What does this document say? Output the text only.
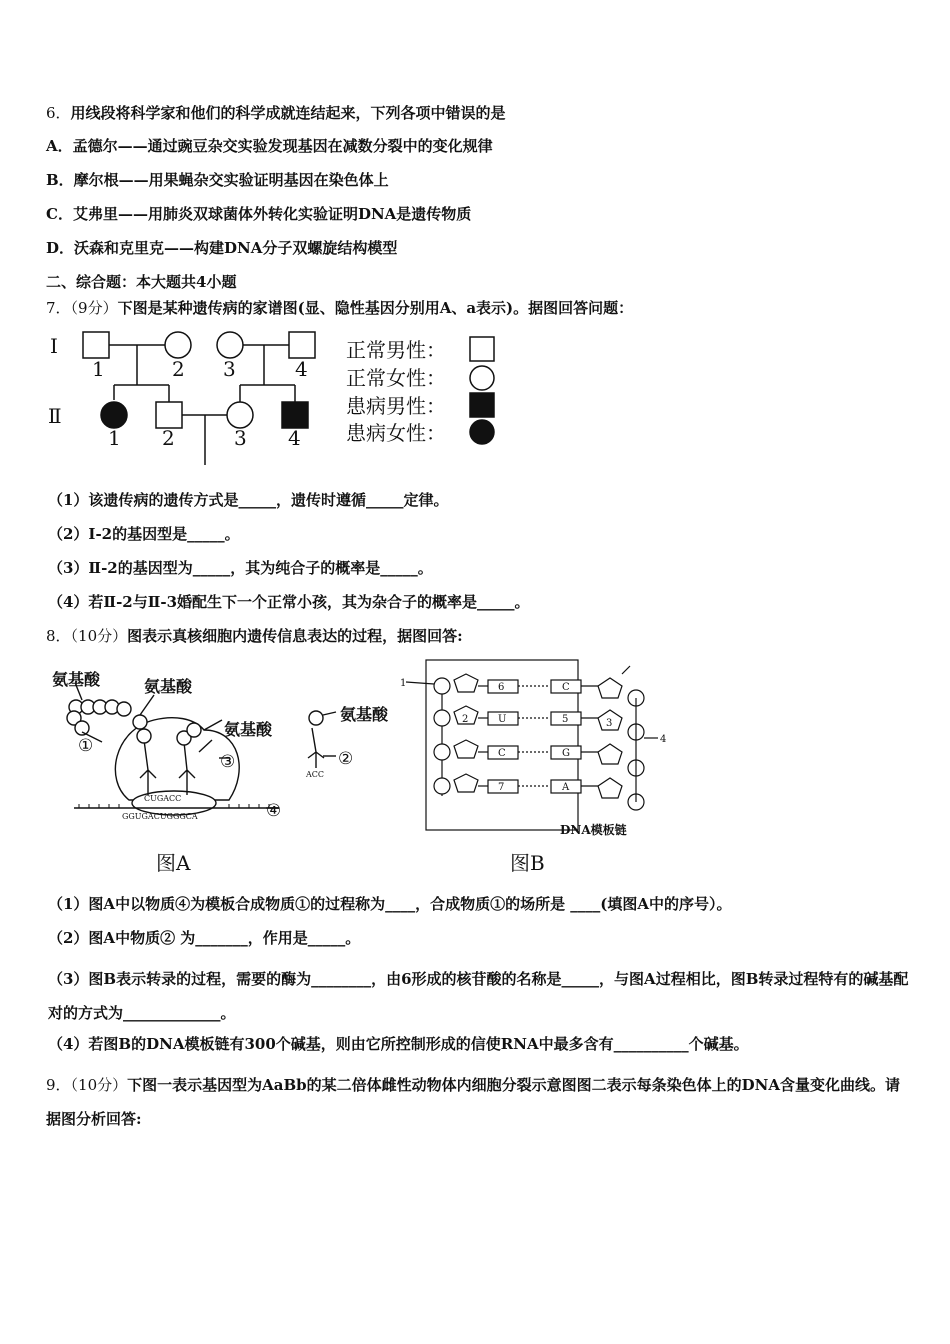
6．用线段将科学家和他们的科学成就连结起来，下列各项中错误的是
A．孟德尔——通过豌豆杂交实验发现基因在减数分裂中的变化规律
B．摩尔根——用果蝇杂交实验证明基因在染色体上
C．艾弗里——用肺炎双球菌体外转化实验证明DNA是遗传物质
D．沃森和克里克——构建DNA分子双螺旋结构模型
二、综合题：本大题共4小题
7．（9分）下图是某种遗传病的家谱图(显、隐性基因分别用A、a表示)。据图回答问题：
Ⅰ
Ⅱ
1	2 3	4
1 2	3 4
正常男性：
正常女性：
患病男性：
患病女性：
（1）该遗传病的遗传方式是_____，遗传时遵循_____定律。
（2）Ⅰ-2的基因型是_____。
（3）Ⅱ-2的基因型为_____，其为纯合子的概率是_____。
（4）若Ⅱ-2与Ⅱ-3婚配生下一个正常小孩，其为杂合子的概率是_____。
8．（10分）图表示真核细胞内遗传信息表达的过程，据图回答:
氨基酸	氨基酸
氨基酸
氨基酸
①
②
③
④
CUGACC
GGUGACUGGGCA
ACC
图A
1
2	3
4
6
U
C
7
C
5
G
A
DNA模板链
图B
（1）图A中以物质④为模板合成物质①的过程称为____，合成物质①的场所是 ____(填图A中的序号）。
（2）图A中物质② 为_______，作用是_____。
（3）图B表示转录的过程，需要的酶为________，由6形成的核苷酸的名称是_____，与图A过程相比，图B转录过程特有的碱基配对的方式为_____________。
（4）若图B的DNA模板链有300个碱基，则由它所控制形成的信使RNA中最多含有__________个碱基。
9．（10分）下图一表示基因型为AaBb的某二倍体雌性动物体内细胞分裂示意图图二表示每条染色体上的DNA含量变化曲线。请据图分析回答:
